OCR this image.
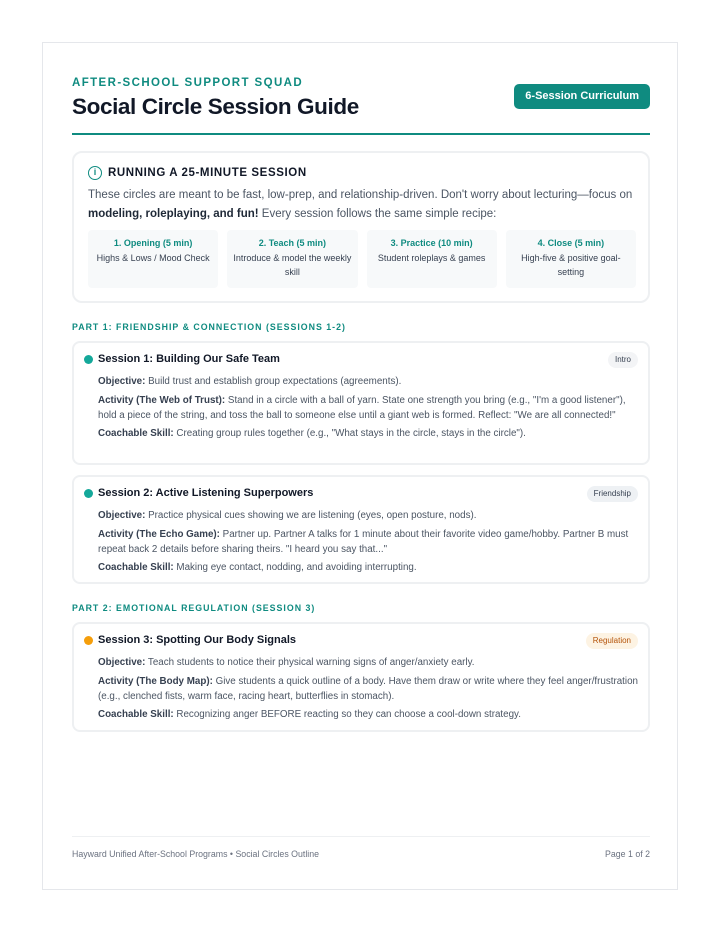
AFTER-SCHOOL SUPPORT SQUAD
Social Circle Session Guide	6-Session Curriculum
i	RUNNING A 25-MINUTE SESSION
These circles are meant to be fast, low-prep, and relationship-driven. Don't worry about lecturing—focus on modeling, roleplaying, and fun! Every session follows the same simple recipe:
1. Opening (5 min)
Highs & Lows / Mood Check
2. Teach (5 min)
Introduce & model the weekly skill
3. Practice (10 min)
Student roleplays & games
4. Close (5 min)
High-five & positive goal-setting
PART 1: FRIENDSHIP & CONNECTION (SESSIONS 1-2)
Session 1: Building Our Safe Team	Intro

Objective: Build trust and establish group expectations (agreements).

Activity (The Web of Trust): Stand in a circle with a ball of yarn. State one strength you bring (e.g., "I'm a good listener"), hold a piece of the string, and toss the ball to someone else until a giant web is formed. Reflect: "We are all connected!"

Coachable Skill: Creating group rules together (e.g., "What stays in the circle, stays in the circle").

Session 2: Active Listening Superpowers	Friendship

Objective: Practice physical cues showing we are listening (eyes, open posture, nods).

Activity (The Echo Game): Partner up. Partner A talks for 1 minute about their favorite video game/hobby. Partner B must repeat back 2 details before sharing theirs. "I heard you say that..."

Coachable Skill: Making eye contact, nodding, and avoiding interrupting.

PART 2: EMOTIONAL REGULATION (SESSION 3)
Session 3: Spotting Our Body Signals	Regulation

Objective: Teach students to notice their physical warning signs of anger/anxiety early.

Activity (The Body Map): Give students a quick outline of a body. Have them draw or write where they feel anger/frustration (e.g., clenched fists, warm face, racing heart, butterflies in stomach).

Coachable Skill: Recognizing anger BEFORE reacting so they can choose a cool-down strategy.

Hayward Unified After-School Programs • Social Circles Outline	Page 1 of 2
